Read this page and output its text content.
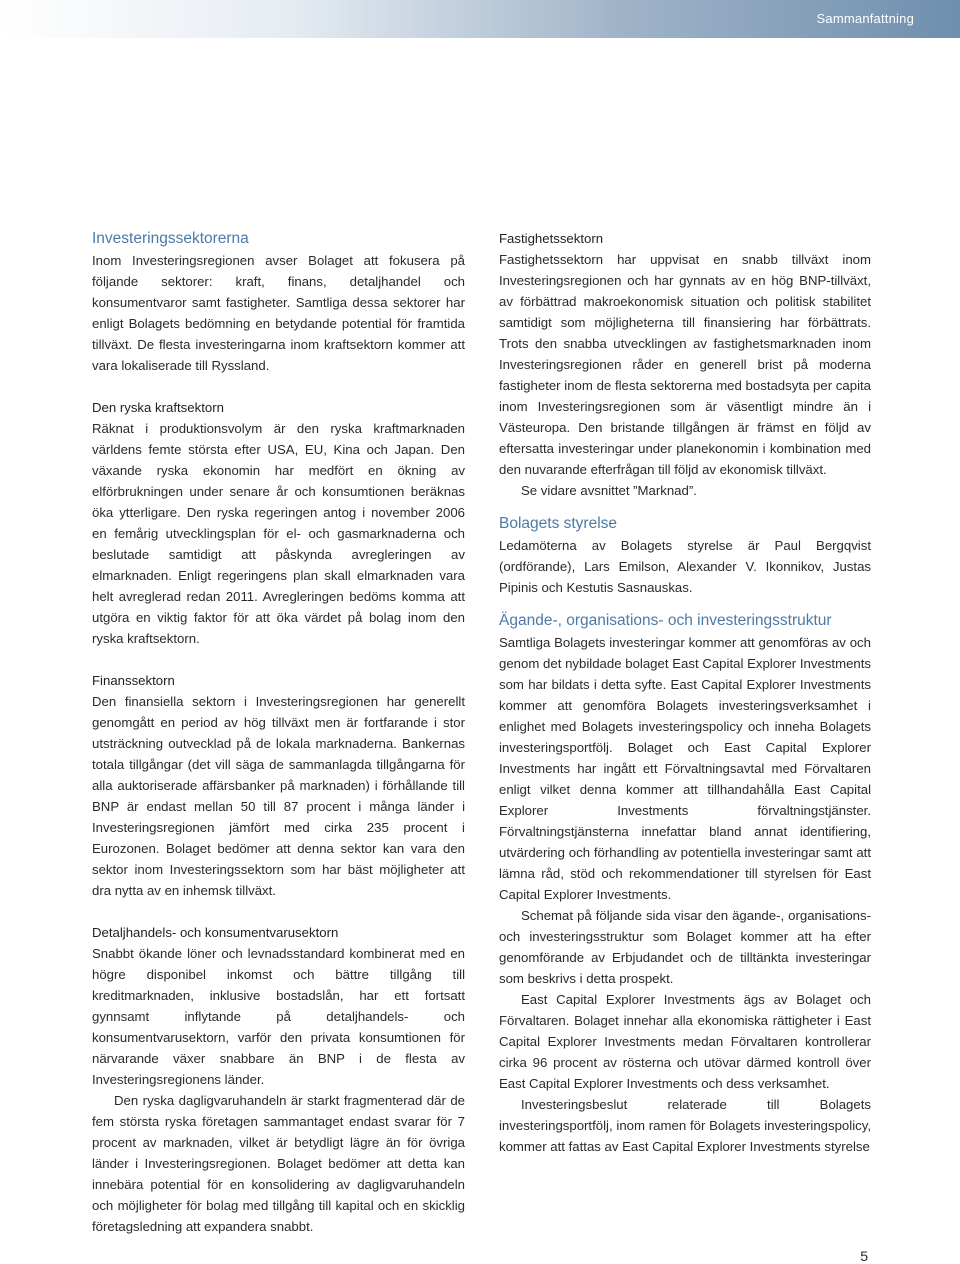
Sammanfattning
Investeringssektorerna

Inom Investeringsregionen avser Bolaget att fokusera på följande sektorer: kraft, finans, detaljhandel och konsumentvaror samt fastigheter. Samtliga dessa sektorer har enligt Bolagets bedömning en betydande potential för framtida tillväxt. De flesta investeringarna inom kraftsektorn kommer att vara lokaliserade till Ryssland.

Den ryska kraftsektorn

Räknat i produktionsvolym är den ryska kraftmarknaden världens femte största efter USA, EU, Kina och Japan. Den växande ryska ekonomin har medfört en ökning av elförbrukningen under senare år och konsumtionen beräknas öka ytterligare. Den ryska regeringen antog i november 2006 en femårig utvecklingsplan för el- och gasmarknaderna och beslutade samtidigt att påskynda avregleringen av elmarknaden. Enligt regeringens plan skall elmarknaden vara helt avreglerad redan 2011. Avregleringen bedöms komma att utgöra en viktig faktor för att öka värdet på bolag inom den ryska kraftsektorn.

Finanssektorn

Den finansiella sektorn i Investeringsregionen har generellt genomgått en period av hög tillväxt men är fortfarande i stor utsträckning outvecklad på de lokala marknaderna. Bankernas totala tillgångar (det vill säga de sammanlagda tillgångarna för alla auktoriserade affärsbanker på marknaden) i förhållande till BNP är endast mellan 50 till 87 procent i många länder i Investeringsregionen jämfört med cirka 235 procent i Eurozonen. Bolaget bedömer att denna sektor kan vara den sektor inom Investeringssektorn som har bäst möjligheter att dra nytta av en inhemsk tillväxt.

Detaljhandels- och konsumentvarusektorn

Snabbt ökande löner och levnadsstandard kombinerat med en högre disponibel inkomst och bättre tillgång till kreditmarknaden, inklusive bostadslån, har ett fortsatt gynnsamt inflytande på detaljhandels- och konsumentvarusektorn, varför den privata konsumtionen för närvarande växer snabbare än BNP i de flesta av Investeringsregionens länder.

Den ryska dagligvaruhandeln är starkt fragmenterad där de fem största ryska företagen sammantaget endast svarar för 7 procent av marknaden, vilket är betydligt lägre än för övriga länder i Investeringsregionen. Bolaget bedömer att detta kan innebära potential för en konsolidering av dagligvaruhandeln och möjligheter för bolag med tillgång till kapital och en skicklig företagsledning att expandera snabbt.

Fastighetssektorn

Fastighetssektorn har uppvisat en snabb tillväxt inom Investeringsregionen och har gynnats av en hög BNP-tillväxt, av förbättrad makroekonomisk situation och politisk stabilitet samtidigt som möjligheterna till finansiering har förbättrats. Trots den snabba utvecklingen av fastighetsmarknaden inom Investeringsregionen råder en generell brist på moderna fastigheter inom de flesta sektorerna med bostadsyta per capita inom Investeringsregionen som är väsentligt mindre än i Västeuropa. Den bristande tillgången är främst en följd av eftersatta investeringar under planekonomin i kombination med den nuvarande efterfrågan till följd av ekonomisk tillväxt.

Se vidare avsnittet ”Marknad”.

Bolagets styrelse

Ledamöterna av Bolagets styrelse är Paul Bergqvist (ordförande), Lars Emilson, Alexander V. Ikonnikov, Justas Pipinis och Kestutis Sasnauskas.

Ägande-, organisations- och investeringsstruktur

Samtliga Bolagets investeringar kommer att genomföras av och genom det nybildade bolaget East Capital Explorer Investments som har bildats i detta syfte. East Capital Explorer Investments kommer att genomföra Bolagets investeringsverksamhet i enlighet med Bolagets investeringspolicy och inneha Bolagets investeringsportfölj. Bolaget och East Capital Explorer Investments har ingått ett Förvaltningsavtal med Förvaltaren enligt vilket denna kommer att tillhandahålla East Capital Explorer Investments förvaltningstjänster. Förvaltningstjänsterna innefattar bland annat identifiering, utvärdering och förhandling av potentiella investeringar samt att lämna råd, stöd och rekommendationer till styrelsen för East Capital Explorer Investments.

Schemat på följande sida visar den ägande-, organisations- och investeringsstruktur som Bolaget kommer att ha efter genomförande av Erbjudandet och de tilltänkta investeringar som beskrivs i detta prospekt.

East Capital Explorer Investments ägs av Bolaget och Förvaltaren. Bolaget innehar alla ekonomiska rättigheter i East Capital Explorer Investments medan Förvaltaren kontrollerar cirka 96 procent av rösterna och utövar därmed kontroll över East Capital Explorer Investments och dess verksamhet.

Investeringsbeslut relaterade till Bolagets investeringsportfölj, inom ramen för Bolagets investeringspolicy, kommer att fattas av East Capital Explorer Investments styrelse

5
